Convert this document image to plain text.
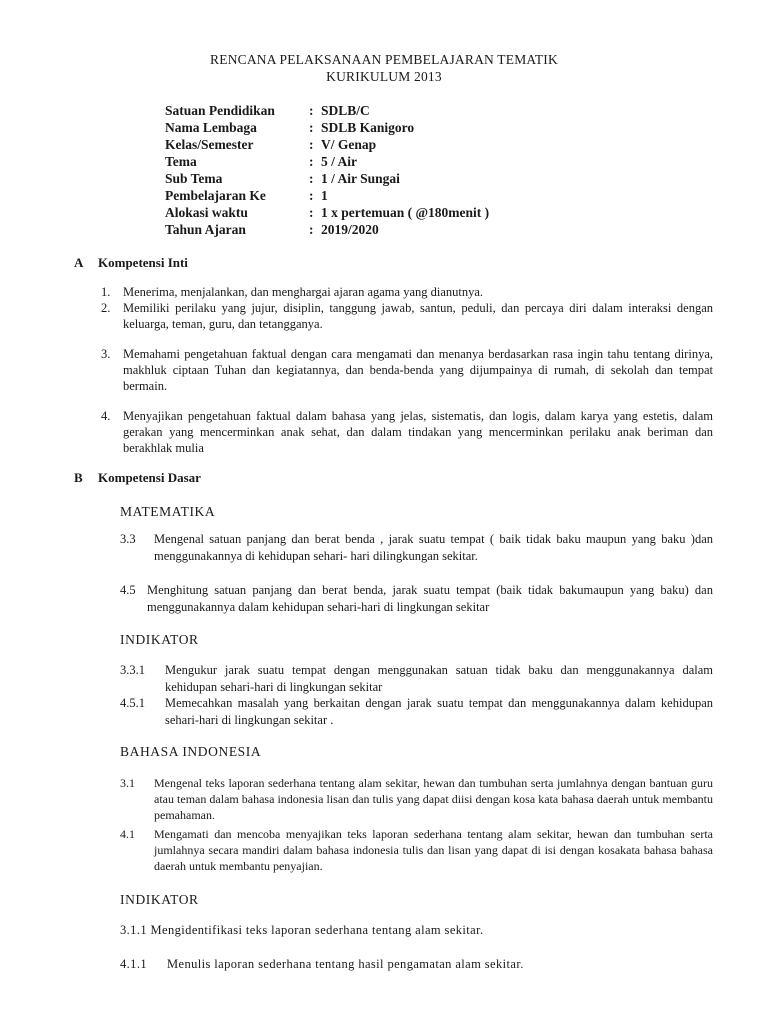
RENCANA PELAKSANAAN PEMBELAJARAN TEMATIK
KURIKULUM 2013
Satuan Pendidikan	: SDLB/C
Nama Lembaga	: SDLB Kanigoro
Kelas/Semester	: V/ Genap
Tema	: 5 / Air
Sub Tema	: 1 / Air Sungai
Pembelajaran Ke	: 1
Alokasi waktu	: 1 x pertemuan ( @180menit )
Tahun Ajaran	: 2019/2020
A Kompetensi Inti
1. Menerima, menjalankan, dan menghargai ajaran agama yang dianutnya.
2. Memiliki perilaku yang jujur, disiplin, tanggung jawab, santun, peduli, dan percaya diri dalam interaksi dengan keluarga, teman, guru, dan tetangganya.
3. Memahami pengetahuan faktual dengan cara mengamati dan menanya berdasarkan rasa ingin tahu tentang dirinya, makhluk ciptaan Tuhan dan kegiatannya, dan benda-benda yang dijumpainya di rumah, di sekolah dan tempat bermain.
4. Menyajikan pengetahuan faktual dalam bahasa yang jelas, sistematis, dan logis, dalam karya yang estetis, dalam gerakan yang mencerminkan anak sehat, dan dalam tindakan yang mencerminkan perilaku anak beriman dan berakhlak mulia
B Kompetensi Dasar
MATEMATIKA
3.3 Mengenal satuan panjang dan berat benda , jarak suatu tempat ( baik tidak baku maupun yang baku )dan menggunakannya di kehidupan sehari- hari dilingkungan sekitar.
4.5 Menghitung satuan panjang dan berat benda, jarak suatu tempat (baik tidak bakumaupun yang baku) dan menggunakannya dalam kehidupan sehari-hari di lingkungan sekitar
INDIKATOR
3.3.1 Mengukur jarak suatu tempat dengan menggunakan satuan tidak baku dan menggunakannya dalam kehidupan sehari-hari di lingkungan sekitar
4.5.1 Memecahkan masalah yang berkaitan dengan jarak suatu tempat dan menggunakannya dalam kehidupan sehari-hari di lingkungan sekitar .
BAHASA INDONESIA
3.1 Mengenal teks laporan sederhana tentang alam sekitar, hewan dan tumbuhan serta jumlahnya dengan bantuan guru atau teman dalam bahasa indonesia lisan dan tulis yang dapat diisi dengan kosa kata bahasa daerah untuk membantu pemahaman.
4.1 Mengamati dan mencoba menyajikan teks laporan sederhana tentang alam sekitar, hewan dan tumbuhan serta jumlahnya secara mandiri dalam bahasa indonesia tulis dan lisan yang dapat di isi dengan kosakata bahasa bahasa daerah untuk membantu penyajian.
INDIKATOR
3.1.1 Mengidentifikasi teks laporan sederhana tentang alam sekitar.
4.1.1 Menulis laporan sederhana tentang hasil pengamatan alam sekitar.
